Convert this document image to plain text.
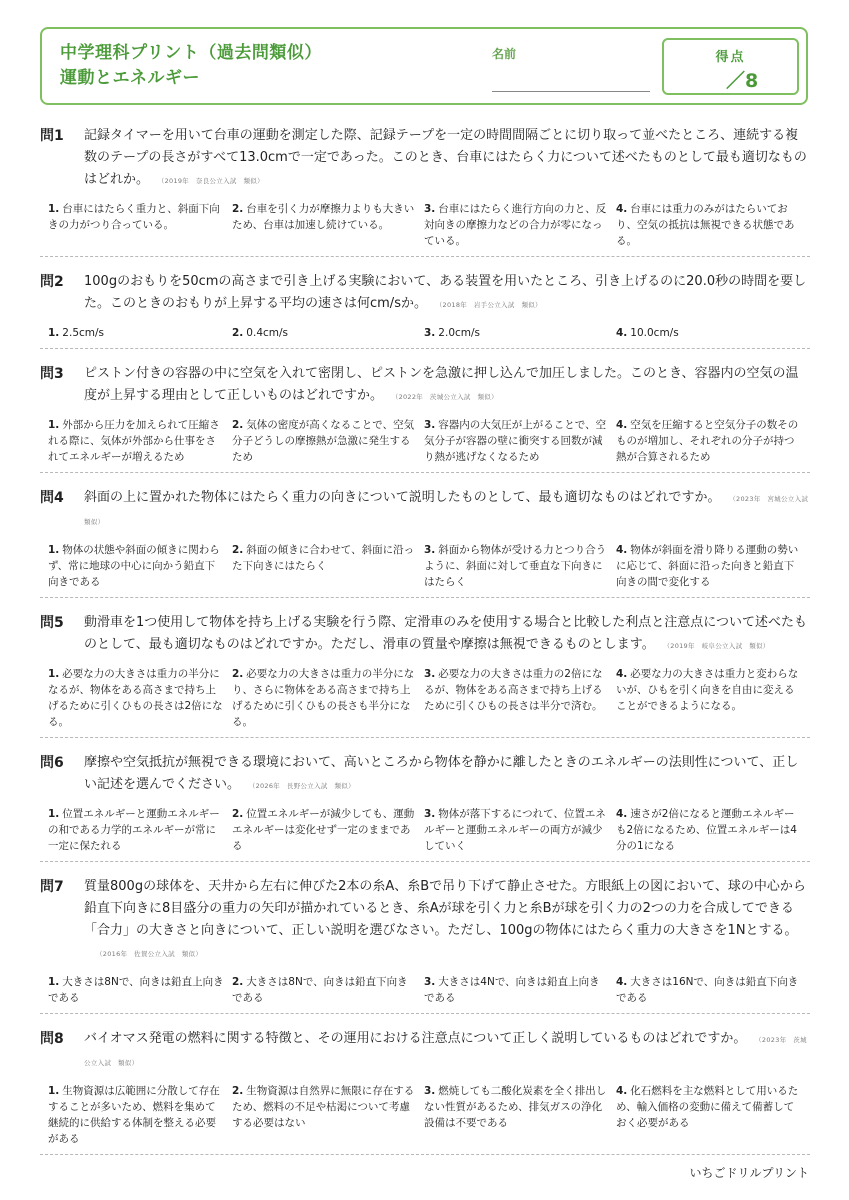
中学理科プリント（過去問類似）
運動とエネルギー
名前	得点
／8
問1	記録タイマーを用いて台車の運動を測定した際、記録テープを一定の時間間隔ごとに切り取って並べたところ、連続する複数のテープの長さがすべて13.0cmで一定であった。このとき、台車にはたらく力について述べたものとして最も適切なものはどれか。 （2019年　奈良公立入試　類似）
1. 台車にはたらく重力と、斜面下向きの力がつり合っている。
2. 台車を引く力が摩擦力よりも大きいため、台車は加速し続けている。
3. 台車にはたらく進行方向の力と、反対向きの摩擦力などの合力が零になっている。
4. 台車には重力のみがはたらいており、空気の抵抗は無視できる状態である。
問2	100gのおもりを50cmの高さまで引き上げる実験において、ある装置を用いたところ、引き上げるのに20.0秒の時間を要した。このときのおもりが上昇する平均の速さは何cm/sか。 （2018年　岩手公立入試　類似）
1. 2.5cm/s	2. 0.4cm/s	3. 2.0cm/s	4. 10.0cm/s
問3	ピストン付きの容器の中に空気を入れて密閉し、ピストンを急激に押し込んで加圧しました。このとき、容器内の空気の温度が上昇する理由として正しいものはどれですか。 （2022年　茨城公立入試　類似）
1. 外部から圧力を加えられて圧縮される際に、気体が外部から仕事をされてエネルギーが増えるため
2. 気体の密度が高くなることで、空気分子どうしの摩擦熱が急激に発生するため
3. 容器内の大気圧が上がることで、空気分子が容器の壁に衝突する回数が減り熱が逃げなくなるため
4. 空気を圧縮すると空気分子の数そのものが増加し、それぞれの分子が持つ熱が合算されるため
問4	斜面の上に置かれた物体にはたらく重力の向きについて説明したものとして、最も適切なものはどれですか。 （2023年　宮城公立入試　類似）
1. 物体の状態や斜面の傾きに関わらず、常に地球の中心に向かう鉛直下向きである
2. 斜面の傾きに合わせて、斜面に沿った下向きにはたらく
3. 斜面から物体が受ける力とつり合うように、斜面に対して垂直な下向きにはたらく
4. 物体が斜面を滑り降りる運動の勢いに応じて、斜面に沿った向きと鉛直下向きの間で変化する
問5	動滑車を1つ使用して物体を持ち上げる実験を行う際、定滑車のみを使用する場合と比較した利点と注意点について述べたものとして、最も適切なものはどれですか。ただし、滑車の質量や摩擦は無視できるものとします。 （2019年　岐阜公立入試　類似）
1. 必要な力の大きさは重力の半分になるが、物体をある高さまで持ち上げるために引くひもの長さは2倍になる。
2. 必要な力の大きさは重力の半分になり、さらに物体をある高さまで持ち上げるために引くひもの長さも半分になる。
3. 必要な力の大きさは重力の2倍になるが、物体をある高さまで持ち上げるために引くひもの長さは半分で済む。
4. 必要な力の大きさは重力と変わらないが、ひもを引く向きを自由に変えることができるようになる。
問6	摩擦や空気抵抗が無視できる環境において、高いところから物体を静かに離したときのエネルギーの法則性について、正しい記述を選んでください。 （2026年　長野公立入試　類似）
1. 位置エネルギーと運動エネルギーの和である力学的エネルギーが常に一定に保たれる
2. 位置エネルギーが減少しても、運動エネルギーは変化せず一定のままである
3. 物体が落下するにつれて、位置エネルギーと運動エネルギーの両方が減少していく
4. 速さが2倍になると運動エネルギーも2倍になるため、位置エネルギーは4分の1になる
問7	質量800gの球体を、天井から左右に伸びた2本の糸A、糸Bで吊り下げて静止させた。方眼紙上の図において、球の中心から鉛直下向きに8目盛分の重力の矢印が描かれているとき、糸Aが球を引く力と糸Bが球を引く力の2つの力を合成してできる「合力」の大きさと向きについて、正しい説明を選びなさい。ただし、100gの物体にはたらく重力の大きさを1Nとする。（2016年　佐賀公立入試　類似）
1. 大きさは8Nで、向きは鉛直上向きである
2. 大きさは8Nで、向きは鉛直下向きである
3. 大きさは4Nで、向きは鉛直上向きである
4. 大きさは16Nで、向きは鉛直下向きである
問8	バイオマス発電の燃料に関する特徴と、その運用における注意点について正しく説明しているものはどれですか。 （2023年　茨城公立入試　類似）
1. 生物資源は広範囲に分散して存在することが多いため、燃料を集めて継続的に供給する体制を整える必要がある
2. 生物資源は自然界に無限に存在するため、燃料の不足や枯渇について考慮する必要はない
3. 燃焼しても二酸化炭素を全く排出しない性質があるため、排気ガスの浄化設備は不要である
4. 化石燃料を主な燃料として用いるため、輸入価格の変動に備えて備蓄しておく必要がある
いちごドリルプリント
